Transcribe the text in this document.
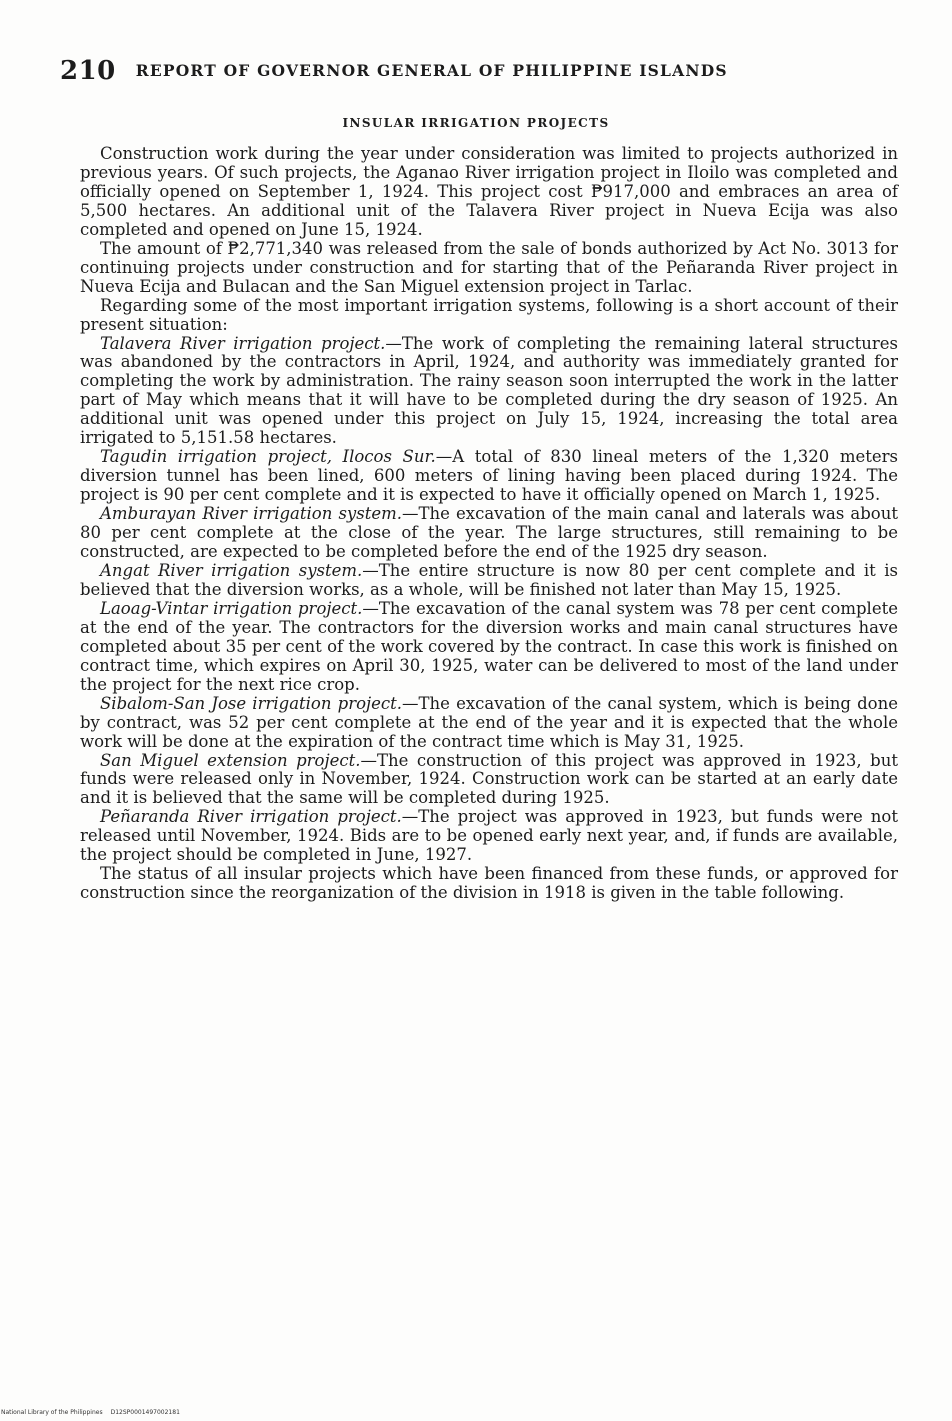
210 REPORT OF GOVERNOR GENERAL OF PHILIPPINE ISLANDS
INSULAR IRRIGATION PROJECTS

Construction work during the year under consideration was limited to projects authorized in previous years. Of such projects, the Aganao River irrigation project in Iloilo was completed and officially opened on September 1, 1924. This project cost ₱917,000 and embraces an area of 5,500 hectares. An additional unit of the Talavera River project in Nueva Ecija was also completed and opened on June 15, 1924.

The amount of ₱2,771,340 was released from the sale of bonds authorized by Act No. 3013 for continuing projects under construction and for starting that of the Peñaranda River project in Nueva Ecija and Bulacan and the San Miguel extension project in Tarlac.

Regarding some of the most important irrigation systems, following is a short account of their present situation:

Talavera River irrigation project.—The work of completing the remaining lateral structures was abandoned by the contractors in April, 1924, and authority was immediately granted for completing the work by administration. The rainy season soon interrupted the work in the latter part of May which means that it will have to be completed during the dry season of 1925. An additional unit was opened under this project on July 15, 1924, increasing the total area irrigated to 5,151.58 hectares.

Tagudin irrigation project, Ilocos Sur.—A total of 830 lineal meters of the 1,320 meters diversion tunnel has been lined, 600 meters of lining having been placed during 1924. The project is 90 per cent complete and it is expected to have it officially opened on March 1, 1925.

Amburayan River irrigation system.—The excavation of the main canal and laterals was about 80 per cent complete at the close of the year. The large structures, still remaining to be constructed, are expected to be completed before the end of the 1925 dry season.

Angat River irrigation system.—The entire structure is now 80 per cent complete and it is believed that the diversion works, as a whole, will be finished not later than May 15, 1925.

Laoag-Vintar irrigation project.—The excavation of the canal system was 78 per cent complete at the end of the year. The contractors for the diversion works and main canal structures have completed about 35 per cent of the work covered by the contract. In case this work is finished on contract time, which expires on April 30, 1925, water can be delivered to most of the land under the project for the next rice crop.

Sibalom-San Jose irrigation project.—The excavation of the canal system, which is being done by contract, was 52 per cent complete at the end of the year and it is expected that the whole work will be done at the expiration of the contract time which is May 31, 1925.

San Miguel extension project.—The construction of this project was approved in 1923, but funds were released only in November, 1924. Construction work can be started at an early date and it is believed that the same will be completed during 1925.

Peñaranda River irrigation project.—The project was approved in 1923, but funds were not released until November, 1924. Bids are to be opened early next year, and, if funds are available, the project should be completed in June, 1927.

The status of all insular projects which have been financed from these funds, or approved for construction since the reorganization of the division in 1918 is given in the table following.

National Library of the Philippines D12SP0001497002181
